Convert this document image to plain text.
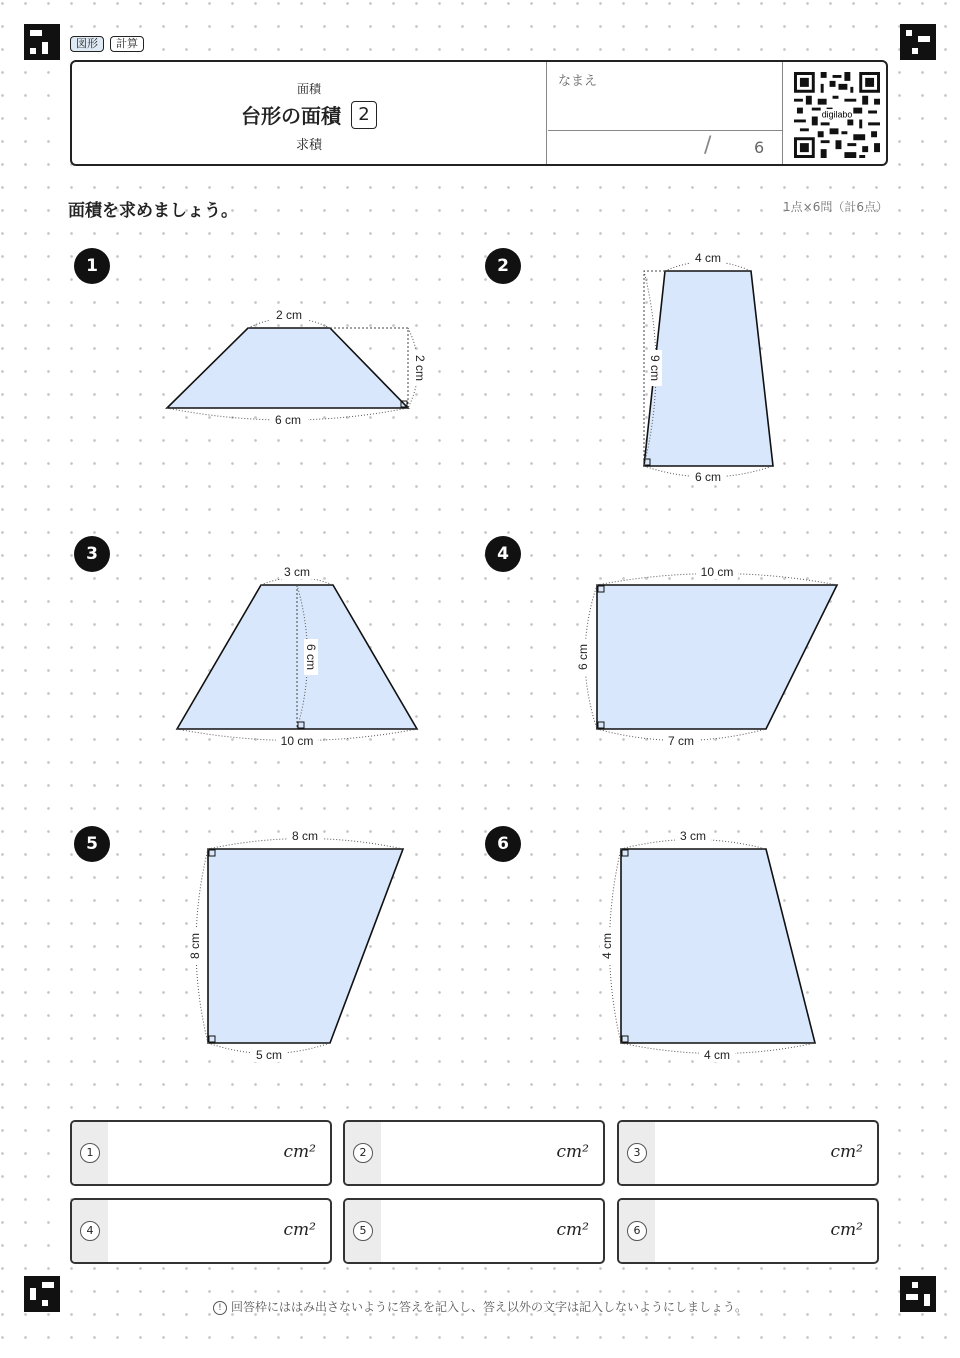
図形	計算
面積
台形の面積 2
求積
なまえ
/	6
digilabo
面積を求めましょう。	1点×6問（計6点）
1	2
3	4
5	6
2 cm
2 cm
6 cm
4 cm
9 cm
6 cm
3 cm
6 cm
10 cm
10 cm
6 cm
7 cm
8 cm
8 cm
5 cm
3 cm
4 cm
4 cm
1	cm²	2	cm²	3	cm²
4	cm²	5	cm²	6	cm²
! 回答枠にははみ出さないように答えを記入し、答え以外の文字は記入しないようにしましょう。
